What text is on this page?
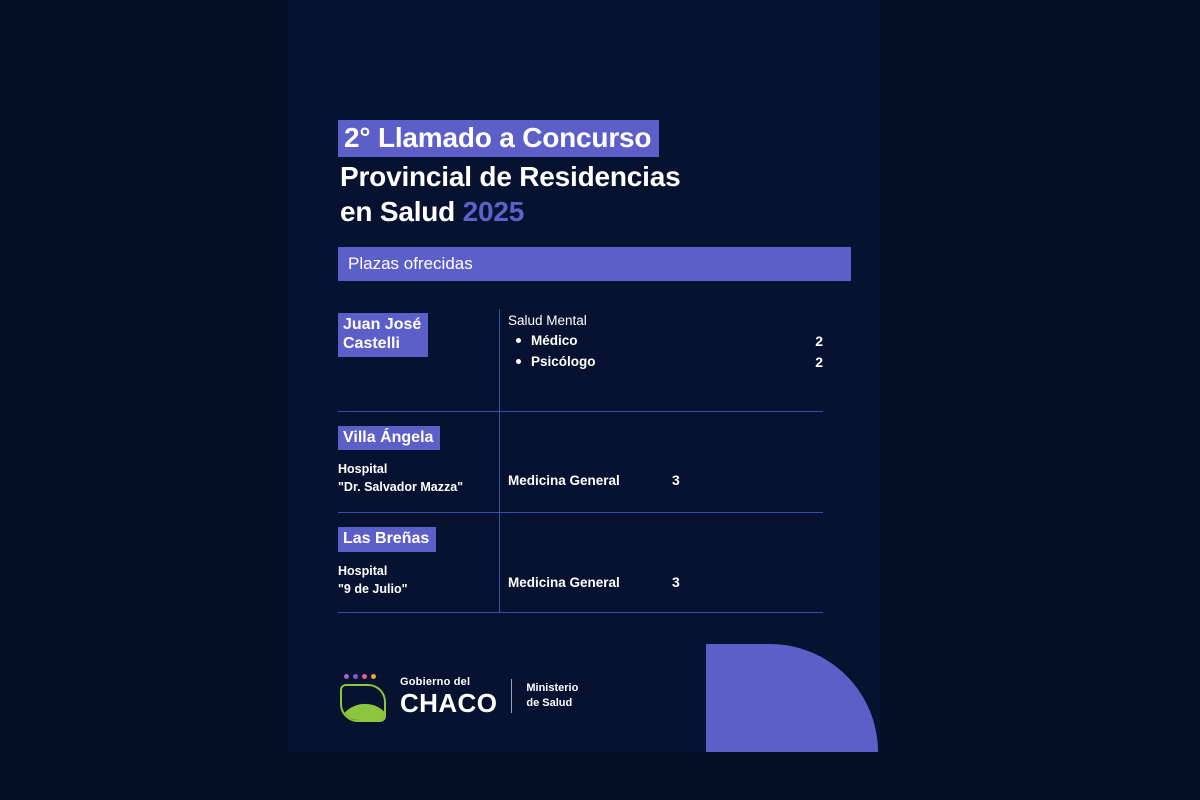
2° Llamado a Concurso
Provincial de Residencias
en Salud 2025
Plazas ofrecidas
Juan José
Castelli
Salud Mental
Médico	2
Psicólogo	2
Villa Ángela
Hospital
"Dr. Salvador Mazza"	Medicina General	3
Las Breñas
Hospital
"9 de Julio"	Medicina General	3
Gobierno del
CHACO	Ministerio
de Salud
